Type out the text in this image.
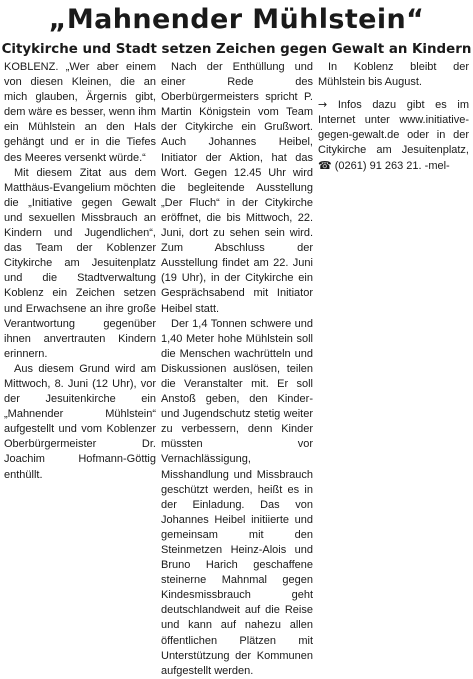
„Mahnender Mühlstein“
Citykirche und Stadt setzen Zeichen gegen Gewalt an Kindern

KOBLENZ. „Wer aber einem von diesen Kleinen, die an mich glauben, Ärgernis gibt, dem wäre es besser, wenn ihm ein Mühlstein an den Hals gehängt und er in die Tiefes des Meeres versenkt würde.“

Mit diesem Zitat aus dem Matthäus-Evangelium möchten die „Initiative gegen Gewalt und sexuellen Missbrauch an Kindern und Jugendlichen“, das Team der Koblenzer Citykirche am Jesuitenplatz und die Stadtverwaltung Koblenz ein Zeichen setzen und Erwachsene an ihre große Verantwortung gegenüber ihnen anvertrauten Kindern erinnern.

Aus diesem Grund wird am Mittwoch, 8. Juni (12 Uhr), vor der Jesuitenkirche ein „Mahnender Mühlstein“ aufgestellt und vom Koblenzer Oberbürgermeister Dr. Joachim Hofmann-Göttig enthüllt.

Nach der Enthüllung und einer Rede des Oberbürgermeisters spricht P. Martin Königstein vom Team der Citykirche ein Grußwort. Auch Johannes Heibel, Initiator der Aktion, hat das Wort. Gegen 12.45 Uhr wird die begleitende Ausstellung „Der Fluch“ in der Citykirche eröffnet, die bis Mittwoch, 22. Juni, dort zu sehen sein wird. Zum Abschluss der Ausstellung findet am 22. Juni (19 Uhr), in der Citykirche ein Gesprächsabend mit Initiator Heibel statt.

Der 1,4 Tonnen schwere und 1,40 Meter hohe Mühlstein soll die Menschen wachrütteln und Diskussionen auslösen, teilen die Veranstalter mit. Er soll Anstoß geben, den Kinder- und Jugendschutz stetig weiter zu verbessern, denn Kinder müssten vor Vernachlässigung, Misshandlung und Missbrauch geschützt werden, heißt es in der Einladung. Das von Johannes Heibel initiierte und gemeinsam mit den Steinmetzen Heinz-Alois und Bruno Harich geschaffene steinerne Mahnmal gegen Kindesmissbrauch geht deutschlandweit auf die Reise und kann auf nahezu allen öffentlichen Plätzen mit Unterstützung der Kommunen aufgestellt werden.

In Koblenz bleibt der Mühlstein bis August.

→ Infos dazu gibt es im Internet unter www.initiative-gegen-gewalt.de oder in der Citykirche am Jesuitenplatz, ☎ (0261) 91 263 21. -mel-
